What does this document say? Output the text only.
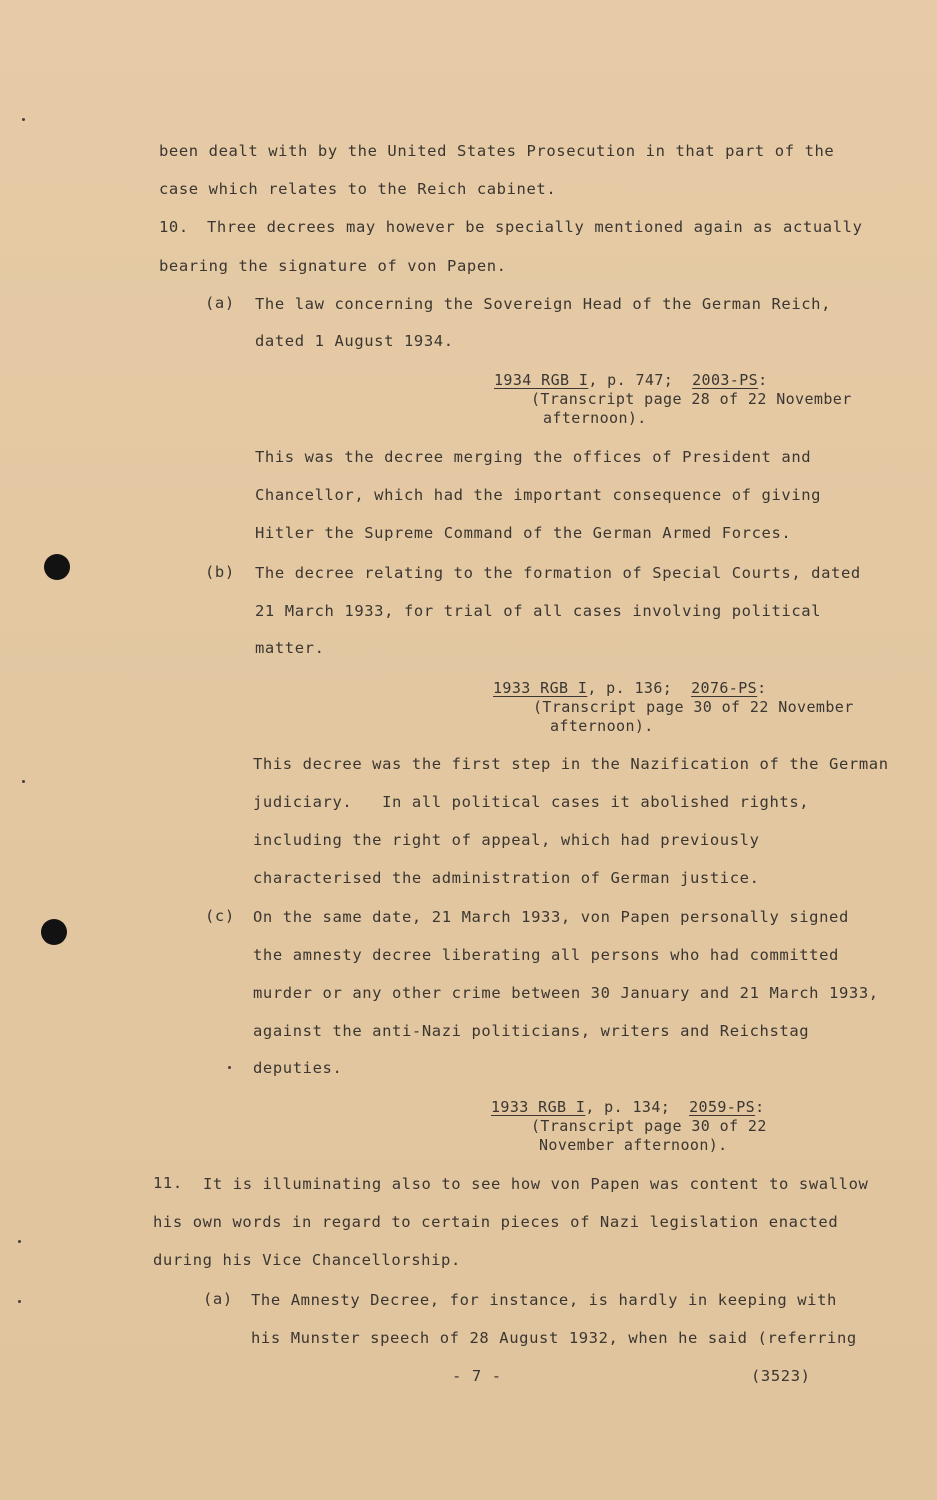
been dealt with by the United States Prosecution in that part of the
case which relates to the Reich cabinet.
10. Three decrees may however be specially mentioned again as actually
bearing the signature of von Papen.
(a) The law concerning the Sovereign Head of the German Reich,
dated 1 August 1934.
1934 RGB I, p. 747; 2003-PS:
(Transcript page 28 of 22 November
afternoon).
This was the decree merging the offices of President and
Chancellor, which had the important consequence of giving
Hitler the Supreme Command of the German Armed Forces.
(b) The decree relating to the formation of Special Courts, dated
21 March 1933, for trial of all cases involving political
matter.
1933 RGB I, p. 136; 2076-PS:
(Transcript page 30 of 22 November
afternoon).
This decree was the first step in the Nazification of the German
judiciary.   In all political cases it abolished rights,
including the right of appeal, which had previously
characterised the administration of German justice.
(c) On the same date, 21 March 1933, von Papen personally signed
the amnesty decree liberating all persons who had committed
murder or any other crime between 30 January and 21 March 1933,
against the anti-Nazi politicians, writers and Reichstag
deputies.
1933 RGB I, p. 134; 2059-PS:
(Transcript page 30 of 22
November afternoon).
11. It is illuminating also to see how von Papen was content to swallow
his own words in regard to certain pieces of Nazi legislation enacted
during his Vice Chancellorship.
(a) The Amnesty Decree, for instance, is hardly in keeping with
his Munster speech of 28 August 1932, when he said (referring
- 7 -	(3523)
